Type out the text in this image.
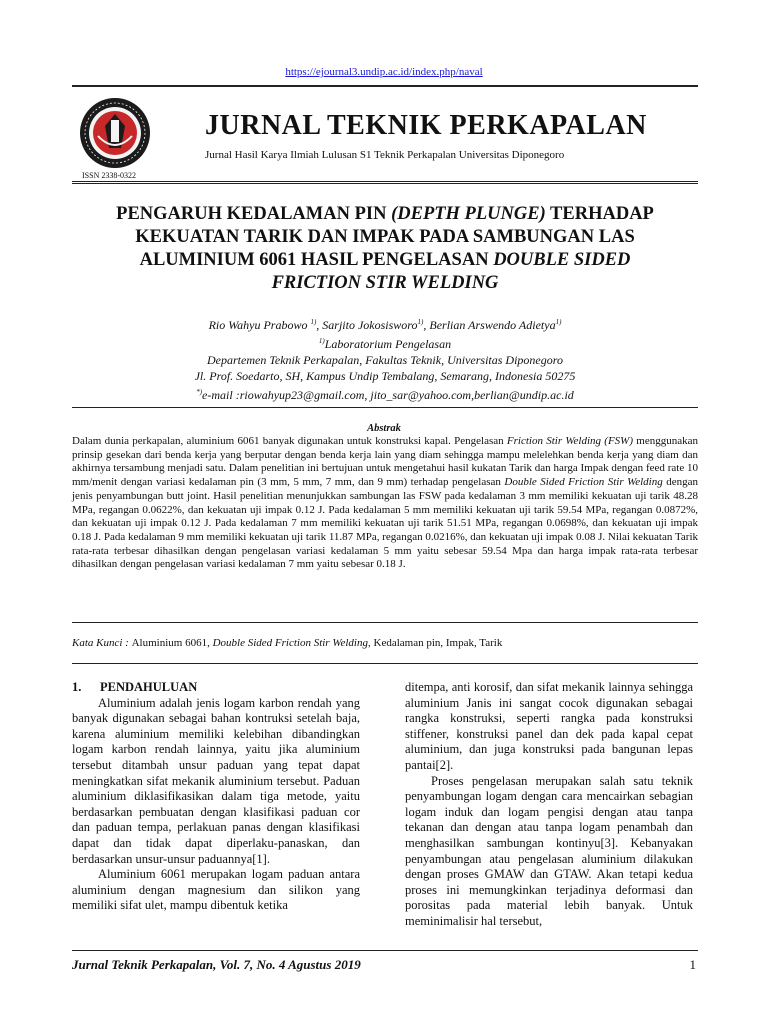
https://ejournal3.undip.ac.id/index.php/naval
ISSN 2338-0322
JURNAL TEKNIK PERKAPALAN
Jurnal Hasil Karya Ilmiah Lulusan S1 Teknik Perkapalan Universitas Diponegoro
PENGARUH KEDALAMAN PIN (DEPTH PLUNGE) TERHADAP
KEKUATAN TARIK DAN IMPAK PADA SAMBUNGAN LAS
ALUMINIUM 6061 HASIL PENGELASAN DOUBLE SIDED
FRICTION STIR WELDING
Rio Wahyu Prabowo $^{1)}$, Sarjito Jokosisworo$^{1)}$, Berlian Arswendo Adietya$^{1)}$
$^{1)}$Laboratorium Pengelasan
Departemen Teknik Perkapalan, Fakultas Teknik, Universitas Diponegoro
Jl. Prof. Soedarto, SH, Kampus Undip Tembalang, Semarang, Indonesia 50275
*)e-mail :riowahyup23@gmail.com, jito_sar@yahoo.com,berlian@undip.ac.id
Abstrak
Dalam dunia perkapalan, aluminium 6061 banyak digunakan untuk konstruksi kapal. Pengelasan Friction Stir Welding (FSW) menggunakan prinsip gesekan dari benda kerja yang berputar dengan benda kerja lain yang diam sehingga mampu melelehkan benda kerja yang diam dan akhirnya tersambung menjadi satu. Dalam penelitian ini bertujuan untuk mengetahui hasil kukatan Tarik dan harga Impak dengan feed rate 10 mm/menit dengan variasi kedalaman pin (3 mm, 5 mm, 7 mm, dan 9 mm) terhadap pengelasan Double Sided Friction Stir Welding dengan jenis penyambungan butt joint. Hasil penelitian menunjukkan sambungan las FSW pada kedalaman 3 mm memiliki kekuatan uji tarik 48.28 MPa, regangan 0.0622%, dan kekuatan uji impak 0.12 J. Pada kedalaman 5 mm memiliki kekuatan uji tarik 59.54 MPa, regangan 0.0872%, dan kekuatan uji impak 0.12 J. Pada kedalaman 7 mm memiliki kekuatan uji tarik 51.51 MPa, regangan 0.0698%, dan kekuatan uji impak 0.18 J. Pada kedalaman 9 mm memiliki kekuatan uji tarik 11.87 MPa, regangan 0.0216%, dan kekuatan uji impak 0.08 J. Nilai kekuatan Tarik rata-rata terbesar dihasilkan dengan pengelasan variasi kedalaman 5 mm yaitu sebesar 59.54 Mpa dan harga impak rata-rata terbesar dihasilkan dengan pengelasan variasi kedalaman 7 mm yaitu sebesar 0.18 J.
Kata Kunci : Aluminium 6061, Double Sided Friction Stir Welding, Kedalaman pin, Impak, Tarik
1. PENDAHULUAN

Aluminium adalah jenis logam karbon rendah yang banyak digunakan sebagai bahan kontruksi setelah baja, karena aluminium memiliki kelebihan dibandingkan logam karbon rendah lainnya, yaitu jika aluminium tersebut ditambah unsur paduan yang tepat dapat meningkatkan sifat mekanik aluminium tersebut. Paduan aluminium diklasifikasikan dalam tiga metode, yaitu berdasarkan pembuatan dengan klasifikasi paduan cor dan paduan tempa, perlakuan panas dengan klasifikasi dapat dan tidak dapat diperlaku-panaskan, dan berdasarkan unsur-unsur paduannya[1].

Aluminium 6061 merupakan logam paduan antara aluminium dengan magnesium dan silikon yang memiliki sifat ulet, mampu dibentuk ketika

ditempa, anti korosif, dan sifat mekanik lainnya sehingga aluminium Janis ini sangat cocok digunakan sebagai rangka konstruksi, seperti rangka pada konstruksi stiffener, konstruksi panel dan dek pada kapal cepat aluminium, dan juga konstruksi pada bangunan lepas pantai[2].

Proses pengelasan merupakan salah satu teknik penyambungan logam dengan cara mencairkan sebagian logam induk dan logam pengisi dengan atau tanpa tekanan dan dengan atau tanpa logam penambah dan menghasilkan sambungan kontinyu[3]. Kebanyakan penyambungan atau pengelasan aluminium dilakukan dengan proses GMAW dan GTAW. Akan tetapi kedua proses ini memungkinkan terjadinya deformasi dan porositas pada material lebih banyak. Untuk meminimalisir hal tersebut,

Jurnal Teknik Perkapalan, Vol. 7, No. 4 Agustus 2019	1
